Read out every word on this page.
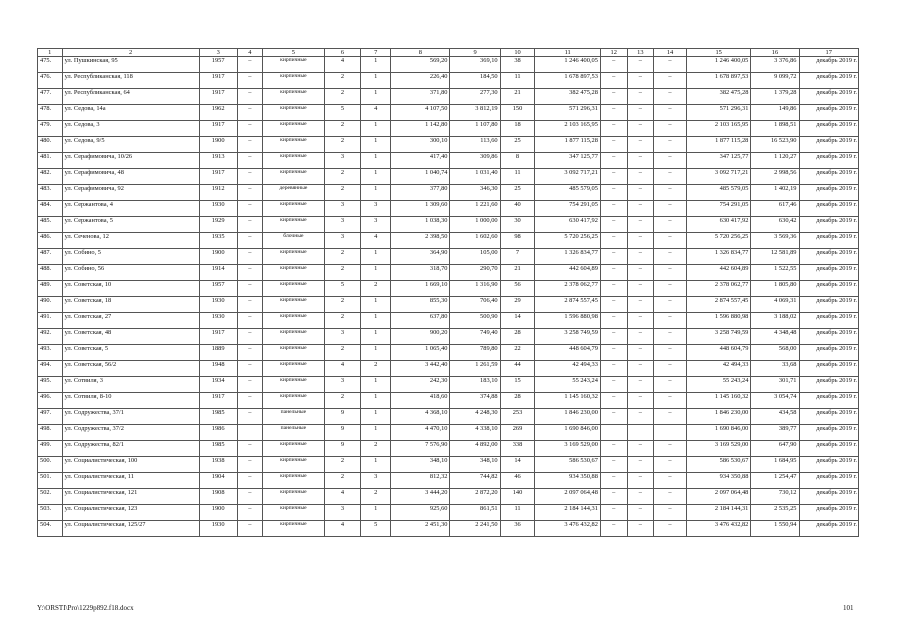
1	2	3	4	5	6	7	8	9	10	11	12	13	14	15	16	17
475.	ул. Пушкинская, 95	1957	–	кирпичные	4	1	569,20	369,10	38	1 246 400,05	–	–	–	1 246 400,05	3 376,86	декабрь 2019 г.
476.	ул. Республиканская, 118	1917	–	кирпичные	2	1	226,40	184,50	11	1 678 897,53	–	–	–	1 678 897,53	9 099,72	декабрь 2019 г.
477.	ул. Республиканская, 64	1917	–	кирпичные	2	1	371,80	277,30	21	382 475,28	–	–	–	382 475,28	1 379,28	декабрь 2019 г.
478.	ул. Седова, 14а	1962	–	кирпичные	5	4	4 107,50	3 812,19	150	571 296,31	–	–	–	571 296,31	149,86	декабрь 2019 г.
479.	ул. Седова, 3	1917	–	кирпичные	2	1	1 142,80	1 107,80	18	2 103 165,95	–	–	–	2 103 165,95	1 898,51	декабрь 2019 г.
480.	ул. Седова, 9/5	1900	–	кирпичные	2	1	300,10	113,60	25	1 877 115,28	–	–	–	1 877 115,28	16 523,90	декабрь 2019 г.
481.	ул. Серафимовича, 10/26	1913	–	кирпичные	3	1	417,40	309,86	8	347 125,77	–	–	–	347 125,77	1 120,27	декабрь 2019 г.
482.	ул. Серафимовича, 48	1917	–	кирпичные	2	1	1 040,74	1 031,40	11	3 092 717,21	–	–	–	3 092 717,21	2 998,56	декабрь 2019 г.
483.	ул. Серафимовича, 92	1912	–	деревянные	2	1	377,80	346,30	25	485 579,05	–	–	–	485 579,05	1 402,19	декабрь 2019 г.
484.	ул. Сержантова, 4	1930	–	кирпичные	3	3	1 309,60	1 221,60	40	754 291,05	–	–	–	754 291,05	617,46	декабрь 2019 г.
485.	ул. Сержантова, 5	1929	–	кирпичные	3	3	1 038,30	1 000,00	30	630 417,92	–	–	–	630 417,92	630,42	декабрь 2019 г.
486.	ул. Сеченова, 12	1935	–	блочные	3	4	2 398,50	1 602,60	98	5 720 256,25	–	–	–	5 720 256,25	3 569,36	декабрь 2019 г.
487.	ул. Собино, 5	1900	–	кирпичные	2	1	364,90	105,00	7	1 326 834,77	–	–	–	1 326 834,77	12 581,89	декабрь 2019 г.
488.	ул. Собино, 56	1914	–	кирпичные	2	1	318,70	290,70	21	442 604,89	–	–	–	442 604,89	1 522,55	декабрь 2019 г.
489.	ул. Советская, 10	1957	–	кирпичные	5	2	1 669,10	1 316,90	56	2 378 062,77	–	–	–	2 378 062,77	1 805,80	декабрь 2019 г.
490.	ул. Советская, 18	1930	–	кирпичные	2	1	855,30	706,40	29	2 874 557,45	–	–	–	2 874 557,45	4 069,31	декабрь 2019 г.
491.	ул. Советская, 27	1930	–	кирпичные	2	1	637,80	500,90	14	1 596 880,98	–	–	–	1 596 880,98	3 188,02	декабрь 2019 г.
492.	ул. Советская, 48	1917	–	кирпичные	3	1	900,20	749,40	28	3 258 749,59	–	–	–	3 258 749,59	4 348,48	декабрь 2019 г.
493.	ул. Советская, 5	1889	–	кирпичные	2	1	1 065,40	789,80	22	448 604,79	–	–	–	448 604,79	568,00	декабрь 2019 г.
494.	ул. Советская, 56/2	1948	–	кирпичные	4	2	3 442,40	1 261,59	44	42 494,33	–	–	–	42 494,33	33,68	декабрь 2019 г.
495.	ул. Сотвиля, 3	1934	–	кирпичные	3	1	242,30	183,10	15	55 243,24	–	–	–	55 243,24	301,71	декабрь 2019 г.
496.	ул. Сотвиля, 8-10	1917	–	кирпичные	2	1	418,60	374,88	28	1 145 160,32	–	–	–	1 145 160,32	3 054,74	декабрь 2019 г.
497.	ул. Содружества, 37/1	1985	–	панельные	9	1	4 368,10	4 248,30	253	1 846 230,00	–	–	–	1 846 230,00	434,58	декабрь 2019 г.
498.	ул. Содружества, 37/2	1986		панельные	9	1	4 470,10	4 338,10	269	1 690 846,00				1 690 846,00	389,77	декабрь 2019 г.
499.	ул. Содружества, 82/1	1985	–	кирпичные	9	2	7 576,90	4 892,00	338	3 169 529,00	–	–	–	3 169 529,00	647,90	декабрь 2019 г.
500.	ул. Социалистическая, 100	1938	–	кирпичные	2	1	348,10	348,10	14	586 530,67	–	–	–	586 530,67	1 684,95	декабрь 2019 г.
501.	ул. Социалистическая, 11	1904	–	кирпичные	2	3	812,32	744,82	46	934 350,88	–	–	–	934 350,88	1 254,47	декабрь 2019 г.
502.	ул. Социалистическая, 121	1908	–	кирпичные	4	2	3 444,20	2 872,20	140	2 097 064,48	–	–	–	2 097 064,48	730,12	декабрь 2019 г.
503.	ул. Социалистическая, 123	1900	–	кирпичные	3	1	925,60	861,51	11	2 184 144,31	–	–	–	2 184 144,31	2 535,25	декабрь 2019 г.
504.	ул. Социалистическая, 125/27	1930	–	кирпичные	4	5	2 451,30	2 241,50	36	3 476 432,82	–	–	–	3 476 432,82	1 550,94	декабрь 2019 г.
Y:\ORSTI\Pro\1229p892.f18.docx	101
